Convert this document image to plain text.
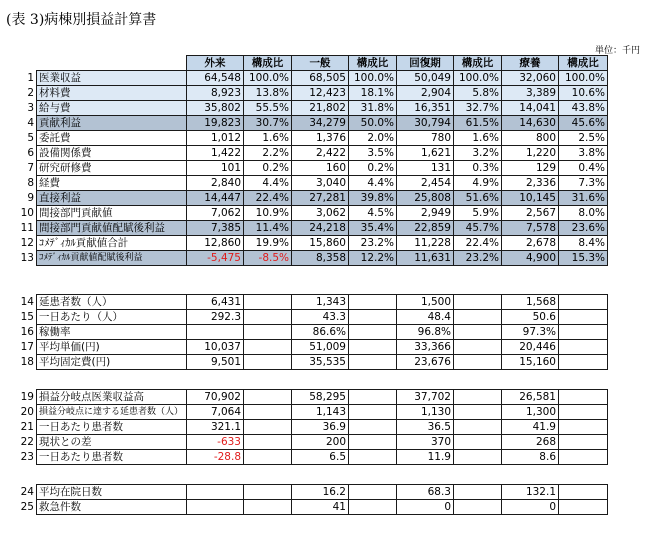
(表 3)病棟別損益計算書
単位：千円
		外来	構成比	一般	構成比	回復期	構成比	療養	構成比
1	医業収益	64,548	100.0%	68,505	100.0%	50,049	100.0%	32,060	100.0%
2	材料費	8,923	13.8%	12,423	18.1%	2,904	5.8%	3,389	10.6%
3	給与費	35,802	55.5%	21,802	31.8%	16,351	32.7%	14,041	43.8%
4	貢献利益	19,823	30.7%	34,279	50.0%	30,794	61.5%	14,630	45.6%
5	委託費	1,012	1.6%	1,376	2.0%	780	1.6%	800	2.5%
6	設備関係費	1,422	2.2%	2,422	3.5%	1,621	3.2%	1,220	3.8%
7	研究研修費	101	0.2%	160	0.2%	131	0.3%	129	0.4%
8	経費	2,840	4.4%	3,040	4.4%	2,454	4.9%	2,336	7.3%
9	直接利益	14,447	22.4%	27,281	39.8%	25,808	51.6%	10,145	31.6%
10	間接部門貢献値	7,062	10.9%	3,062	4.5%	2,949	5.9%	2,567	8.0%
11	間接部門貢献値配賦後利益	7,385	11.4%	24,218	35.4%	22,859	45.7%	7,578	23.6%
12	ｺﾒﾃﾞｨｶﾙ貢献値合計	12,860	19.9%	15,860	23.2%	11,228	22.4%	2,678	8.4%
13	ｺﾒﾃﾞｨｶﾙ貢献値配賦後利益	-5,475	-8.5%	8,358	12.2%	11,631	23.2%	4,900	15.3%
14	延患者数（人）	6,431		1,343		1,500		1,568	
15	一日あたり（人）	292.3		43.3		48.4		50.6	
16	稼働率			86.6%		96.8%		97.3%	
17	平均単価(円)	10,037		51,009		33,366		20,446	
18	平均固定費(円)	9,501		35,535		23,676		15,160	
19	損益分岐点医業収益高	70,902		58,295		37,702		26,581	
20	損益分岐点に達する延患者数（人）	7,064		1,143		1,130		1,300	
21	一日あたり患者数	321.1		36.9		36.5		41.9	
22	現状との差	-633		200		370		268	
23	一日あたり患者数	-28.8		6.5		11.9		8.6	
24	平均在院日数			16.2		68.3		132.1	
25	救急件数			41		0		0	
